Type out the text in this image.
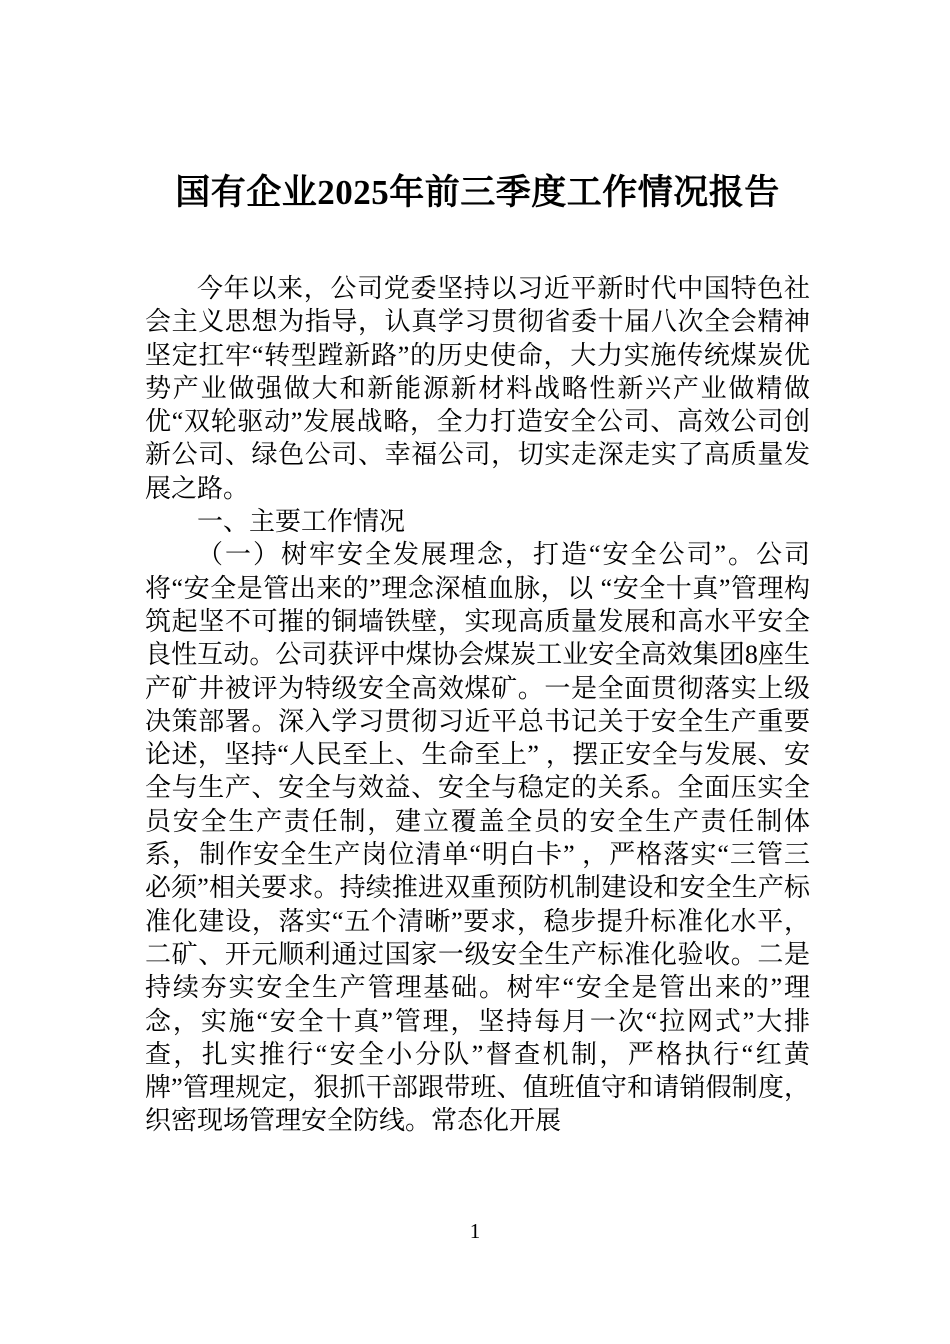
国有企业2025年前三季度工作情况报告

今年以来，公司党委坚持以习近平新时代中国特色社会主义思想为指导，认真学习贯彻省委十届八次全会精神坚定扛牢“转型蹚新路”的历史使命，大力实施传统煤炭优势产业做强做大和新能源新材料战略性新兴产业做精做优“双轮驱动”发展战略，全力打造安全公司、高效公司创新公司、绿色公司、幸福公司，切实走深走实了高质量发展之路。

一、主要工作情况

（一）树牢安全发展理念，打造“安全公司”。公司将“安全是管出来的”理念深植血脉，以 “安全十真”管理构筑起坚不可摧的铜墙铁壁，实现高质量发展和高水平安全良性互动。公司获评中煤协会煤炭工业安全高效集团8座生产矿井被评为特级安全高效煤矿。一是全面贯彻落实上级决策部署。深入学习贯彻习近平总书记关于安全生产重要论述，坚持“人民至上、生命至上” ，摆正安全与发展、安全与生产、安全与效益、安全与稳定的关系。全面压实全员安全生产责任制，建立覆盖全员的安全生产责任制体系，制作安全生产岗位清单“明白卡” ，严格落实“三管三必须”相关要求。持续推进双重预防机制建设和安全生产标准化建设，落实“五个清晰”要求，稳步提升标准化水平，二矿、开元顺利通过国家一级安全生产标准化验收。二是持续夯实安全生产管理基础。树牢“安全是管出来的”理念，实施“安全十真”管理，坚持每月一次“拉网式”大排查，扎实推行“安全小分队”督查机制，严格执行“红黄牌”管理规定，狠抓干部跟带班、值班值守和请销假制度，织密现场管理安全防线。常态化开展

1
